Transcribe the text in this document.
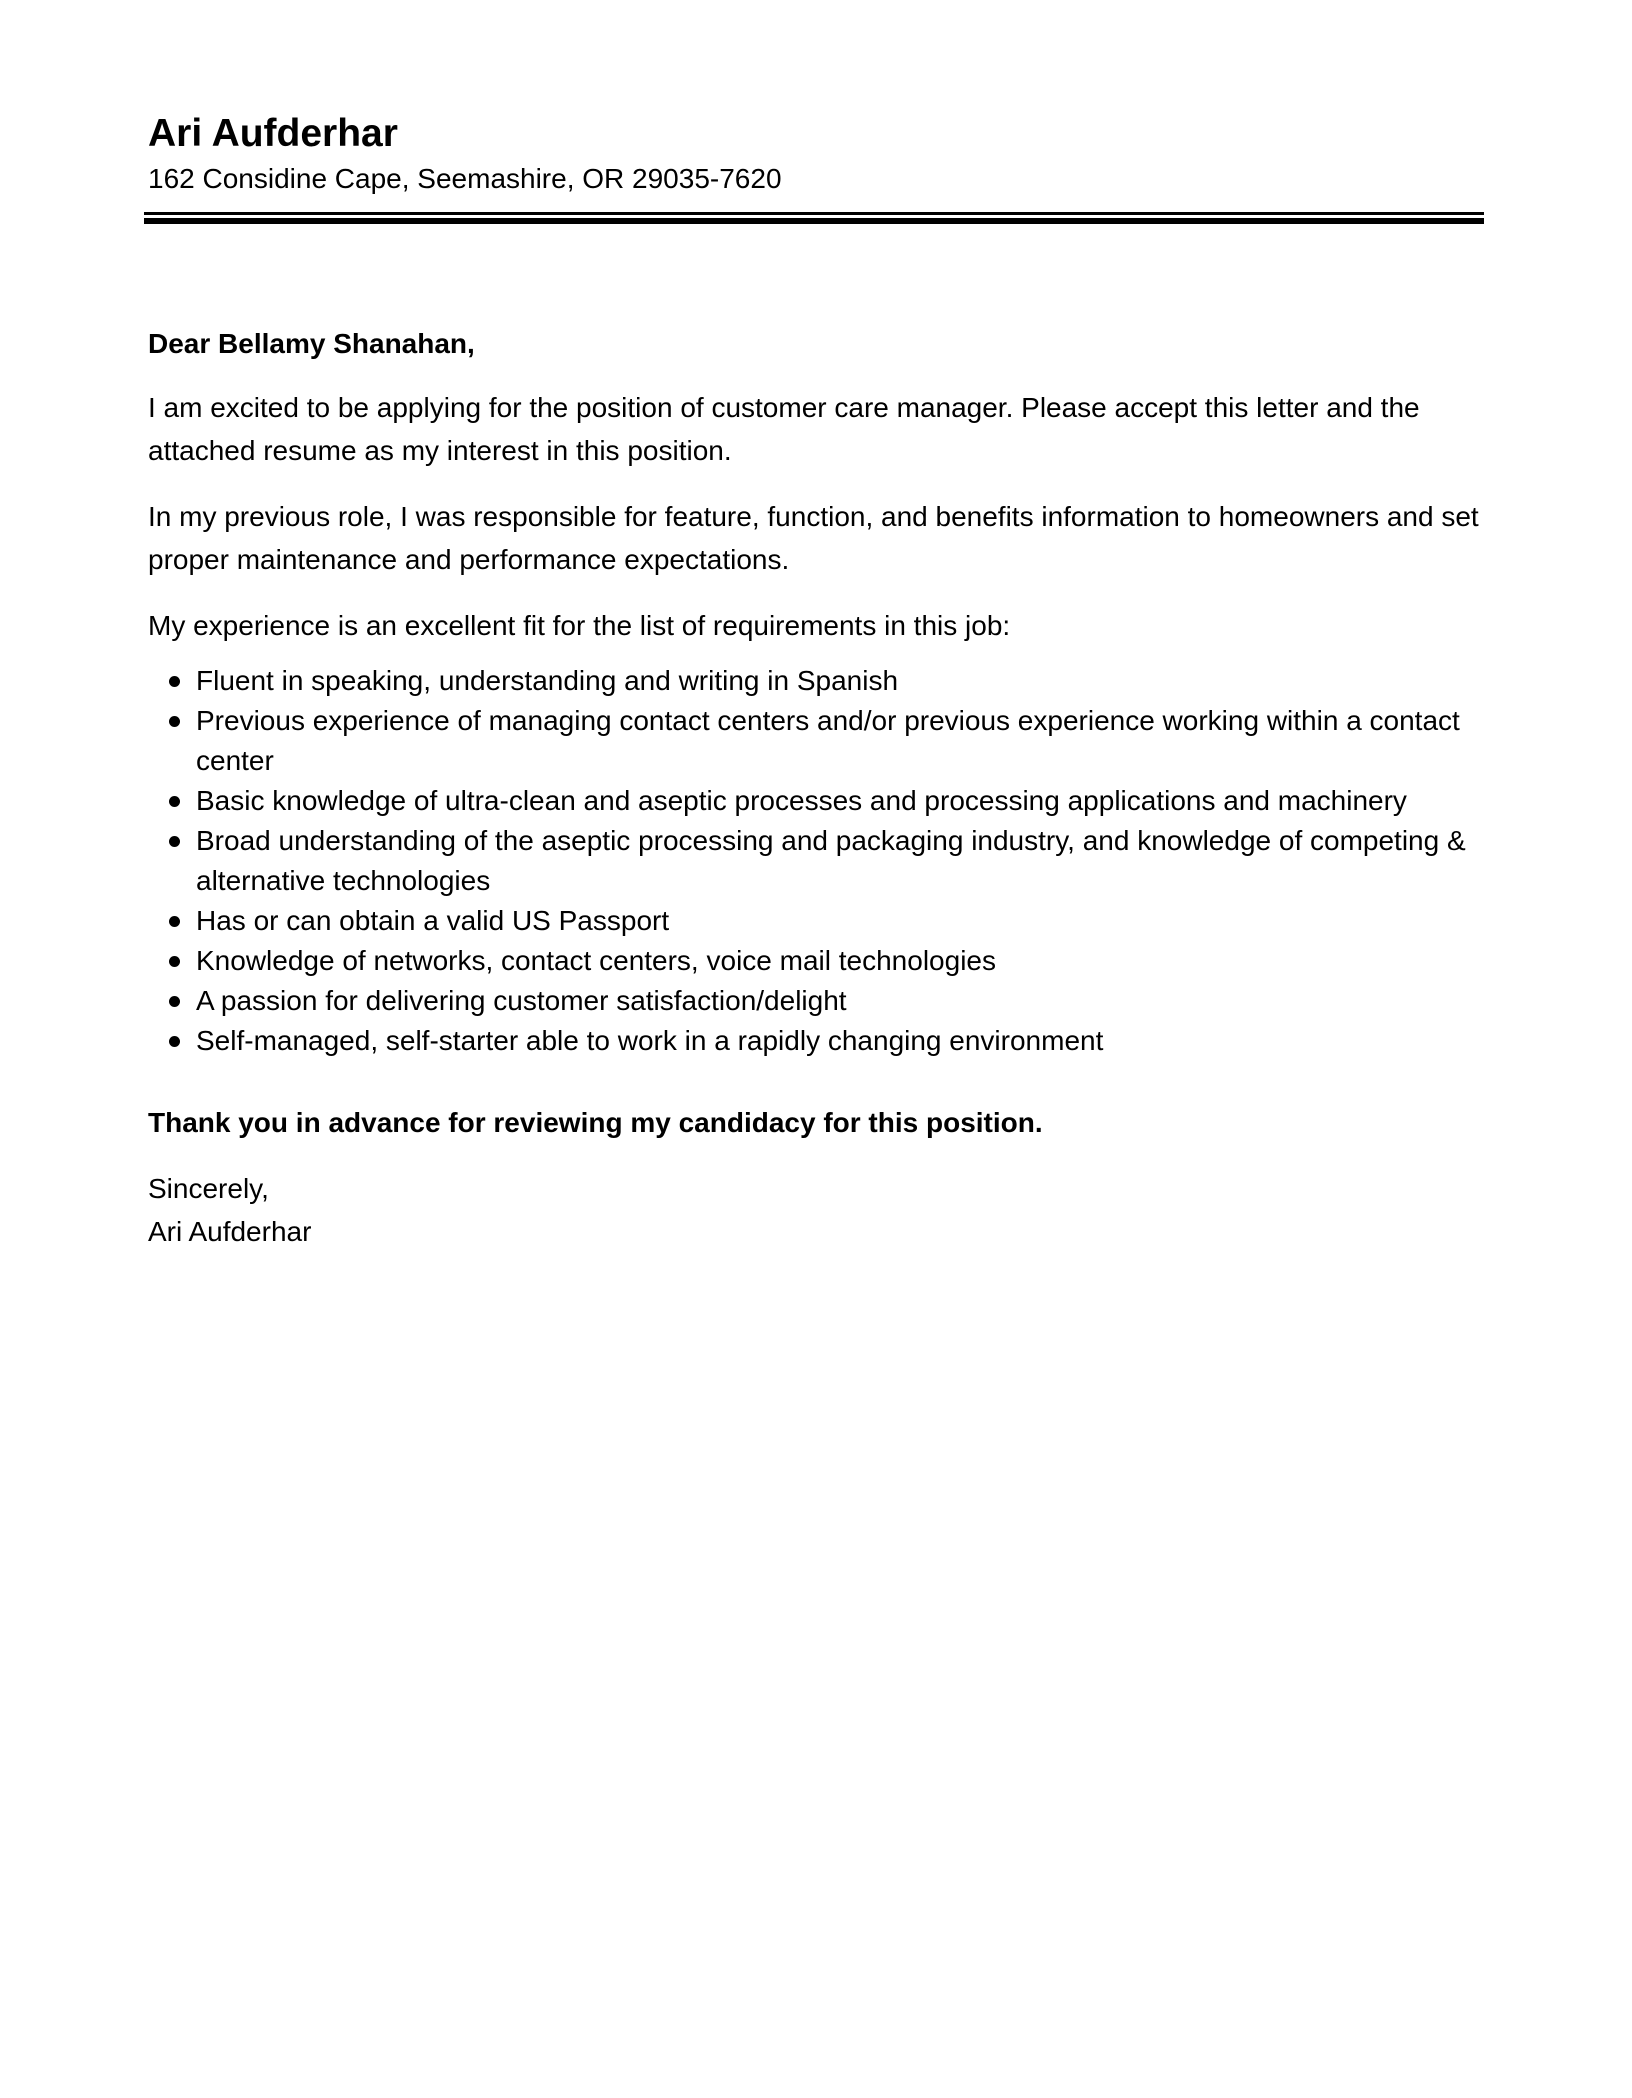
Ari Aufderhar
162 Considine Cape, Seemashire, OR 29035-7620
Dear Bellamy Shanahan,

I am excited to be applying for the position of customer care manager. Please accept this letter and the attached resume as my interest in this position.

In my previous role, I was responsible for feature, function, and benefits information to homeowners and set proper maintenance and performance expectations.

My experience is an excellent fit for the list of requirements in this job:

Fluent in speaking, understanding and writing in Spanish
Previous experience of managing contact centers and/or previous experience working within a contact center
Basic knowledge of ultra-clean and aseptic processes and processing applications and machinery
Broad understanding of the aseptic processing and packaging industry, and knowledge of competing & alternative technologies
Has or can obtain a valid US Passport
Knowledge of networks, contact centers, voice mail technologies
A passion for delivering customer satisfaction/delight
Self-managed, self-starter able to work in a rapidly changing environment

Thank you in advance for reviewing my candidacy for this position.

Sincerely,

Ari Aufderhar
